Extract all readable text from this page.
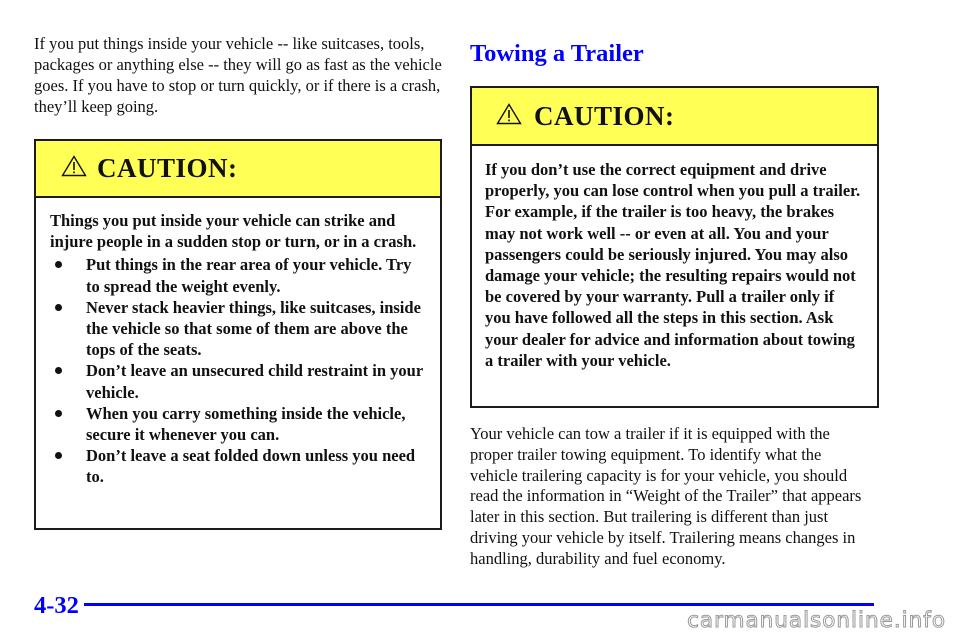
If you put things inside your vehicle -- like suitcases, tools, packages or anything else -- they will go as fast as the vehicle goes. If you have to stop or turn quickly, or if there is a crash, they’ll keep going.

CAUTION:

Things you put inside your vehicle can strike and injure people in a sudden stop or turn, or in a crash.

Put things in the rear area of your vehicle. Try to spread the weight evenly.
Never stack heavier things, like suitcases, inside the vehicle so that some of them are above the tops of the seats.
Don’t leave an unsecured child restraint in your vehicle.
When you carry something inside the vehicle, secure it whenever you can.
Don’t leave a seat folded down unless you need to.
Towing a Trailer
CAUTION:

If you don’t use the correct equipment and drive properly, you can lose control when you pull a trailer. For example, if the trailer is too heavy, the brakes may not work well -- or even at all. You and your passengers could be seriously injured. You may also damage your vehicle; the resulting repairs would not be covered by your warranty. Pull a trailer only if you have followed all the steps in this section. Ask your dealer for advice and information about towing a trailer with your vehicle.

Your vehicle can tow a trailer if it is equipped with the proper trailer towing equipment. To identify what the vehicle trailering capacity is for your vehicle, you should read the information in “Weight of the Trailer” that appears later in this section. But trailering is different than just driving your vehicle by itself. Trailering means changes in handling, durability and fuel economy.

4-32
carmanualsonline.info
